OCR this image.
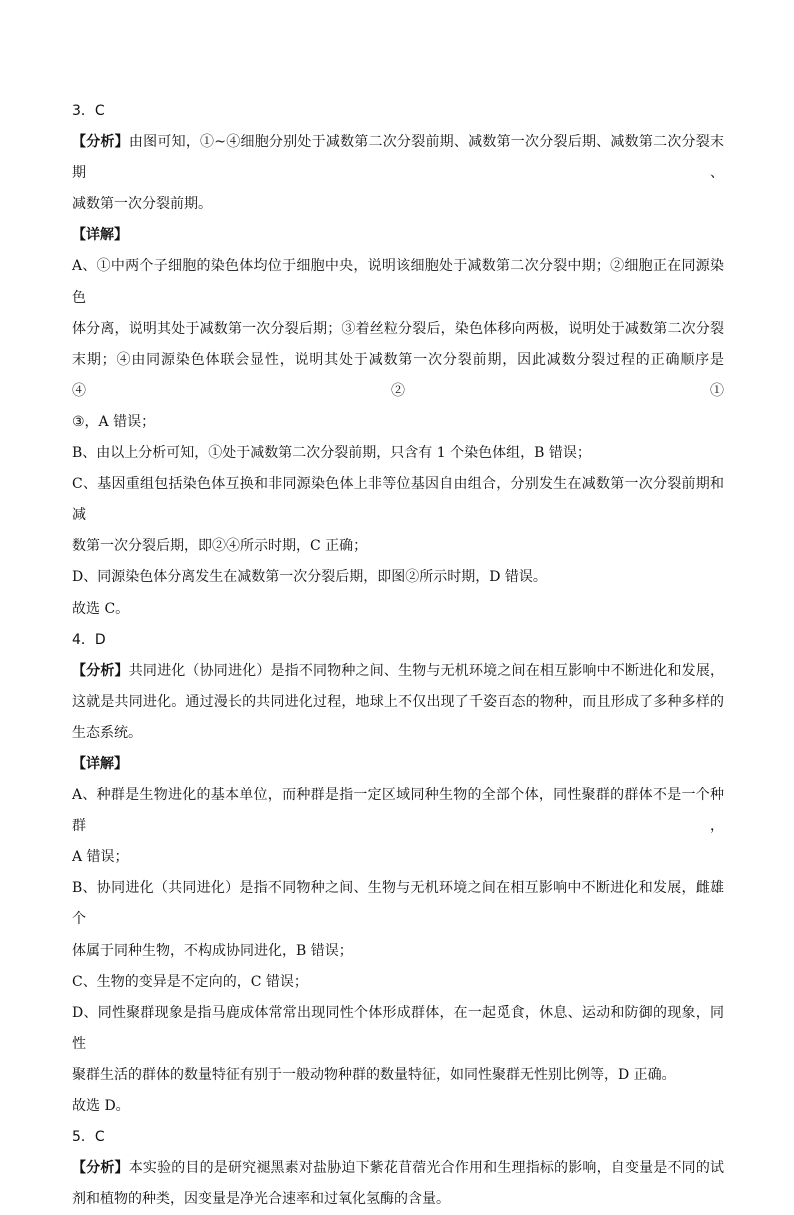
3．C

【分析】由图可知，①~④细胞分别处于减数第二次分裂前期、减数第一次分裂后期、减数第二次分裂末期、

减数第一次分裂前期。

【详解】

A、①中两个子细胞的染色体均位于细胞中央，说明该细胞处于减数第二次分裂中期；②细胞正在同源染色

体分离，说明其处于减数第一次分裂后期；③着丝粒分裂后，染色体移向两极，说明处于减数第二次分裂

末期；④由同源染色体联会显性，说明其处于减数第一次分裂前期，因此减数分裂过程的正确顺序是④②①

③，A 错误；

B、由以上分析可知，①处于减数第二次分裂前期，只含有 1 个染色体组，B 错误；

C、基因重组包括染色体互换和非同源染色体上非等位基因自由组合，分别发生在减数第一次分裂前期和减

数第一次分裂后期，即②④所示时期，C 正确；

D、同源染色体分离发生在减数第一次分裂后期，即图②所示时期，D 错误。

故选 C。

4．D

【分析】共同进化（协同进化）是指不同物种之间、生物与无机环境之间在相互影响中不断进化和发展，

这就是共同进化。通过漫长的共同进化过程，地球上不仅出现了千姿百态的物种，而且形成了多种多样的

生态系统。

【详解】

A、种群是生物进化的基本单位，而种群是指一定区域同种生物的全部个体，同性聚群的群体不是一个种群，

A 错误；

B、协同进化（共同进化）是指不同物种之间、生物与无机环境之间在相互影响中不断进化和发展，雌雄个

体属于同种生物，不构成协同进化，B 错误；

C、生物的变异是不定向的，C 错误；

D、同性聚群现象是指马鹿成体常常出现同性个体形成群体，在一起觅食，休息、运动和防御的现象，同性

聚群生活的群体的数量特征有别于一般动物种群的数量特征，如同性聚群无性别比例等，D 正确。

故选 D。

5．C

【分析】本实验的目的是研究褪黑素对盐胁迫下紫花苜蓿光合作用和生理指标的影响，自变量是不同的试

剂和植物的种类，因变量是净光合速率和过氧化氢酶的含量。
